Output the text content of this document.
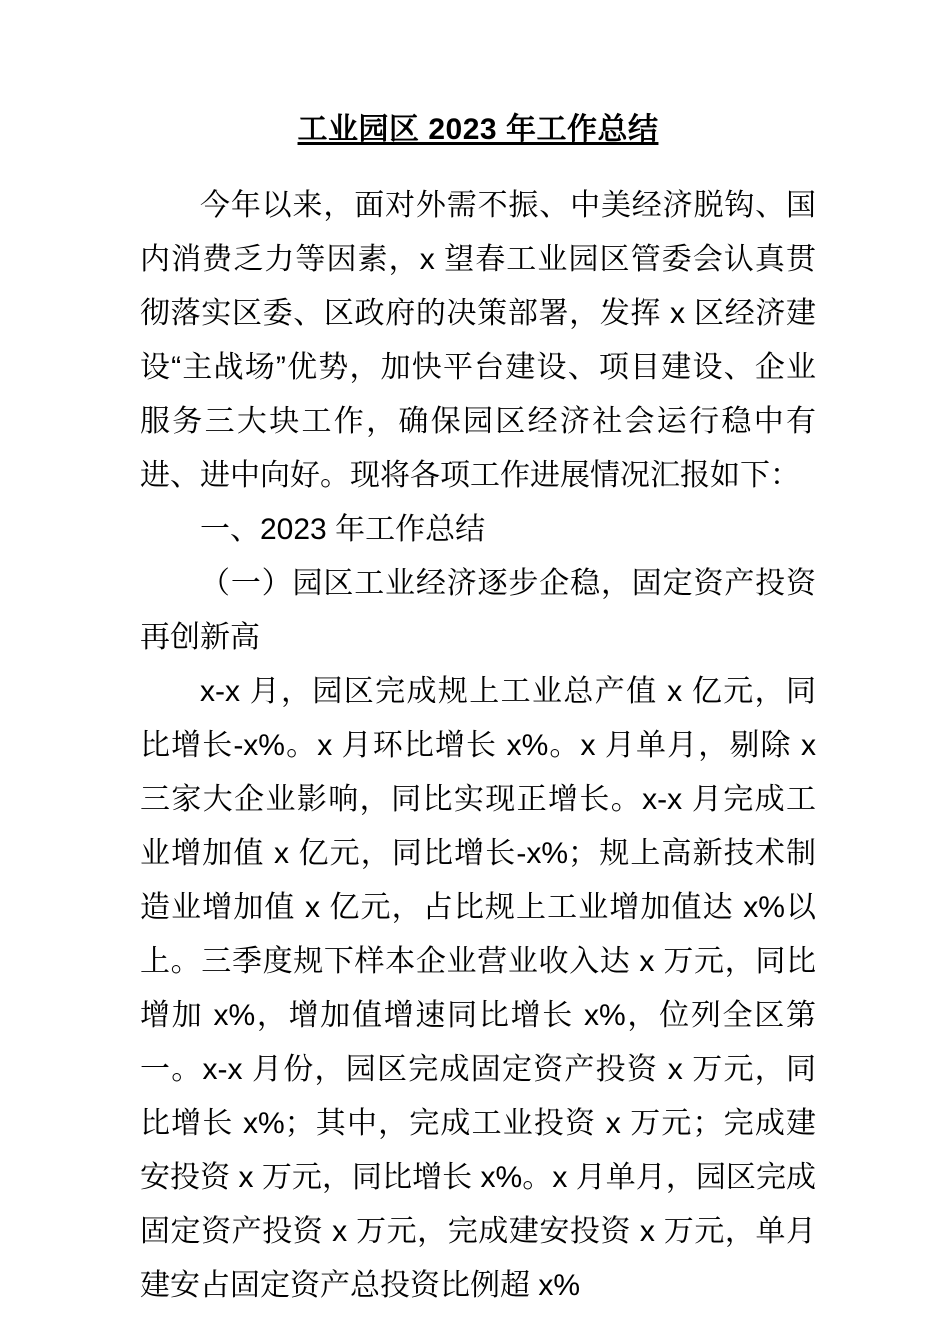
工业园区 2023 年工作总结

今年以来，面对外需不振、中美经济脱钩、国内消费乏力等因素，x 望春工业园区管委会认真贯彻落实区委、区政府的决策部署，发挥 x 区经济建设“主战场”优势，加快平台建设、项目建设、企业服务三大块工作，确保园区经济社会运行稳中有进、进中向好。现将各项工作进展情况汇报如下：

一、2023 年工作总结

（一）园区工业经济逐步企稳，固定资产投资再创新高

x-x 月，园区完成规上工业总产值 x 亿元，同比增长-x%。x 月环比增长 x%。x 月单月，剔除 x 三家大企业影响，同比实现正增长。x-x 月完成工业增加值 x 亿元，同比增长-x%；规上高新技术制造业增加值 x 亿元，占比规上工业增加值达 x%以上。三季度规下样本企业营业收入达 x 万元，同比增加 x%，增加值增速同比增长 x%，位列全区第一。x-x 月份，园区完成固定资产投资 x 万元，同比增长 x%；其中，完成工业投资 x 万元；完成建安投资 x 万元，同比增长 x%。x 月单月，园区完成固定资产投资 x 万元，完成建安投资 x 万元，单月建安占固定资产总投资比例超 x%
